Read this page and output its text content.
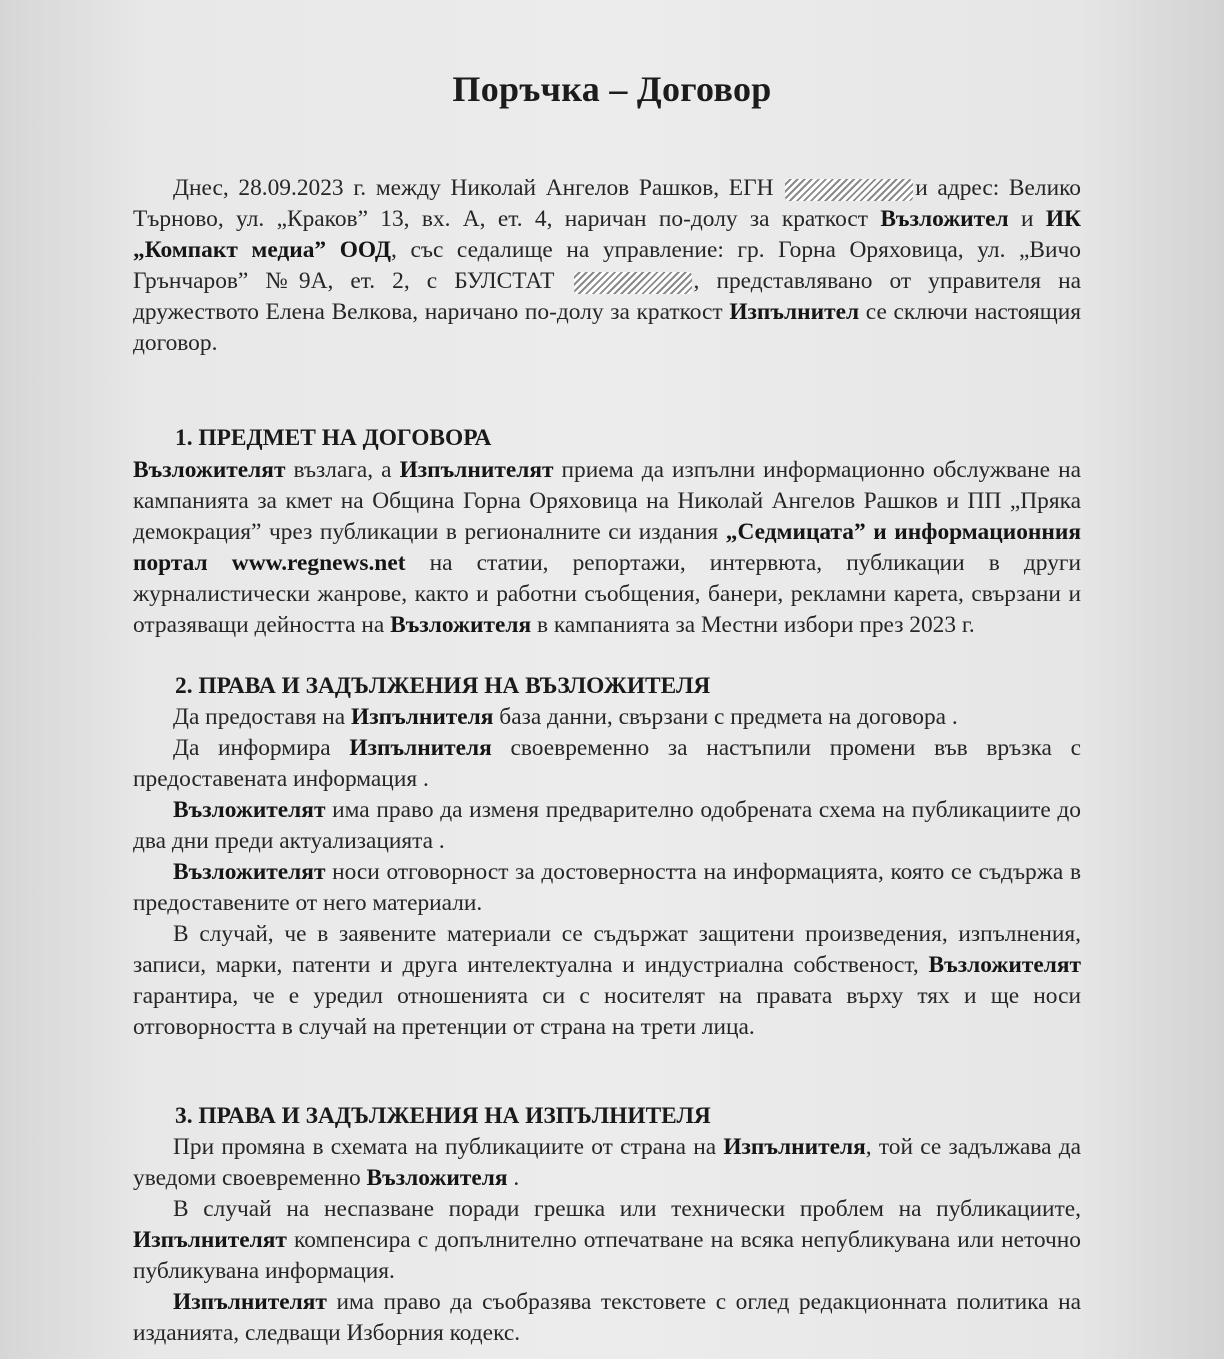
Поръчка – Договор

Днес, 28.09.2023 г. между Николай Ангелов Рашков, ЕГН	и адрес: Велико Търново, ул. „Краков” 13, вх. А, ет. 4, наричан по-долу за краткост Възложител и ИК „Компакт медиа” ООД, със седалище на управление: гр. Горна Оряховица, ул. „Вичо Грънчаров” №9А, ет. 2, с БУЛСТАТ	, представлявано от управителя на дружеството Елена Велкова, наричано по-долу за краткост Изпълнител се сключи настоящия договор.

1. ПРЕДМЕТ НА ДОГОВОРА

Възложителят възлага, а Изпълнителят приема да изпълни информационно обслужване на кампанията за кмет на Община Горна Оряховица на Николай Ангелов Рашков и ПП „Пряка демокрация” чрез публикации в регионалните си издания „Седмицата” и информационния портал www.regnews.net на статии, репортажи, интервюта, публикации в други журналистически жанрове, както и работни съобщения, банери, рекламни карета, свързани и отразяващи дейността на Възложителя в кампанията за Местни избори през 2023 г.

2. ПРАВА И ЗАДЪЛЖЕНИЯ НА ВЪЗЛОЖИТЕЛЯ

Да предоставя на Изпълнителя база данни, свързани с предмета на договора .

Да информира Изпълнителя своевременно за настъпили промени във връзка с предоставената информация .

Възложителят има право да изменя предварително одобрената схема на публикациите до два дни преди актуализацията .

Възложителят носи отговорност за достоверността на информацията, която се съдържа в предоставените от него материали.

В случай, че в заявените материали се съдържат защитени произведения, изпълнения, записи, марки, патенти и друга интелектуална и индустриална собственост, Възложителят гарантира, че е уредил отношенията си с носителят на правата върху тях и ще носи отговорността в случай на претенции от страна на трети лица.

3. ПРАВА И ЗАДЪЛЖЕНИЯ НА ИЗПЪЛНИТЕЛЯ

При промяна в схемата на публикациите от страна на Изпълнителя, той се задължава да уведоми своевременно Възложителя .

В случай на неспазване поради грешка или технически проблем на публикациите, Изпълнителят компенсира с допълнително отпечатване на всяка непубликувана или неточно публикувана информация.

Изпълнителят има право да съобразява текстовете с оглед редакционната политика на изданията, следващи Изборния кодекс.
